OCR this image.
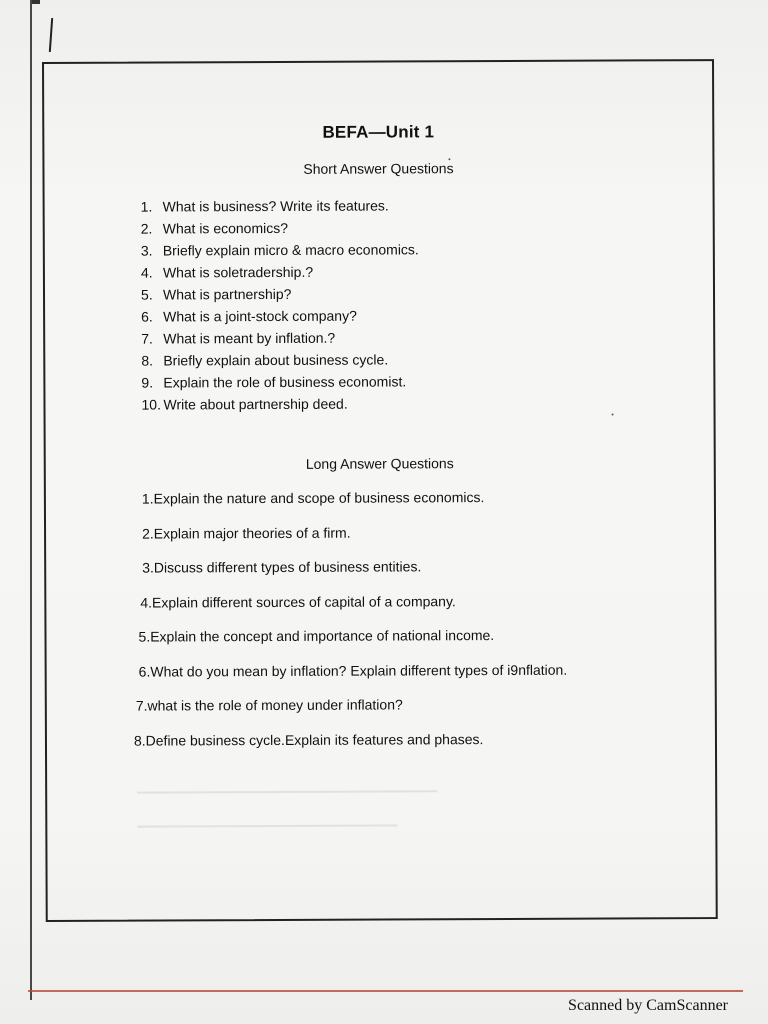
BEFA—Unit 1
Short Answer Questions
1. What is business? Write its features.
2. What is economics?
3. Briefly explain micro & macro economics.
4. What is soletradership.?
5. What is partnership?
6. What is a joint-stock company?
7. What is meant by inflation.?
8. Briefly explain about business cycle.
9. Explain the role of business economist.
10. Write about partnership deed.
Long Answer Questions
1.Explain the nature and scope of business economics.
2.Explain major theories of a firm.
3.Discuss different types of business entities.
4.Explain different sources of capital of a company.
5.Explain the concept and importance of national income.
6.What do you mean by inflation? Explain different types of i9nflation.
7.what is the role of money under inflation?
8.Define business cycle.Explain its features and phases.
Scanned by CamScanner
